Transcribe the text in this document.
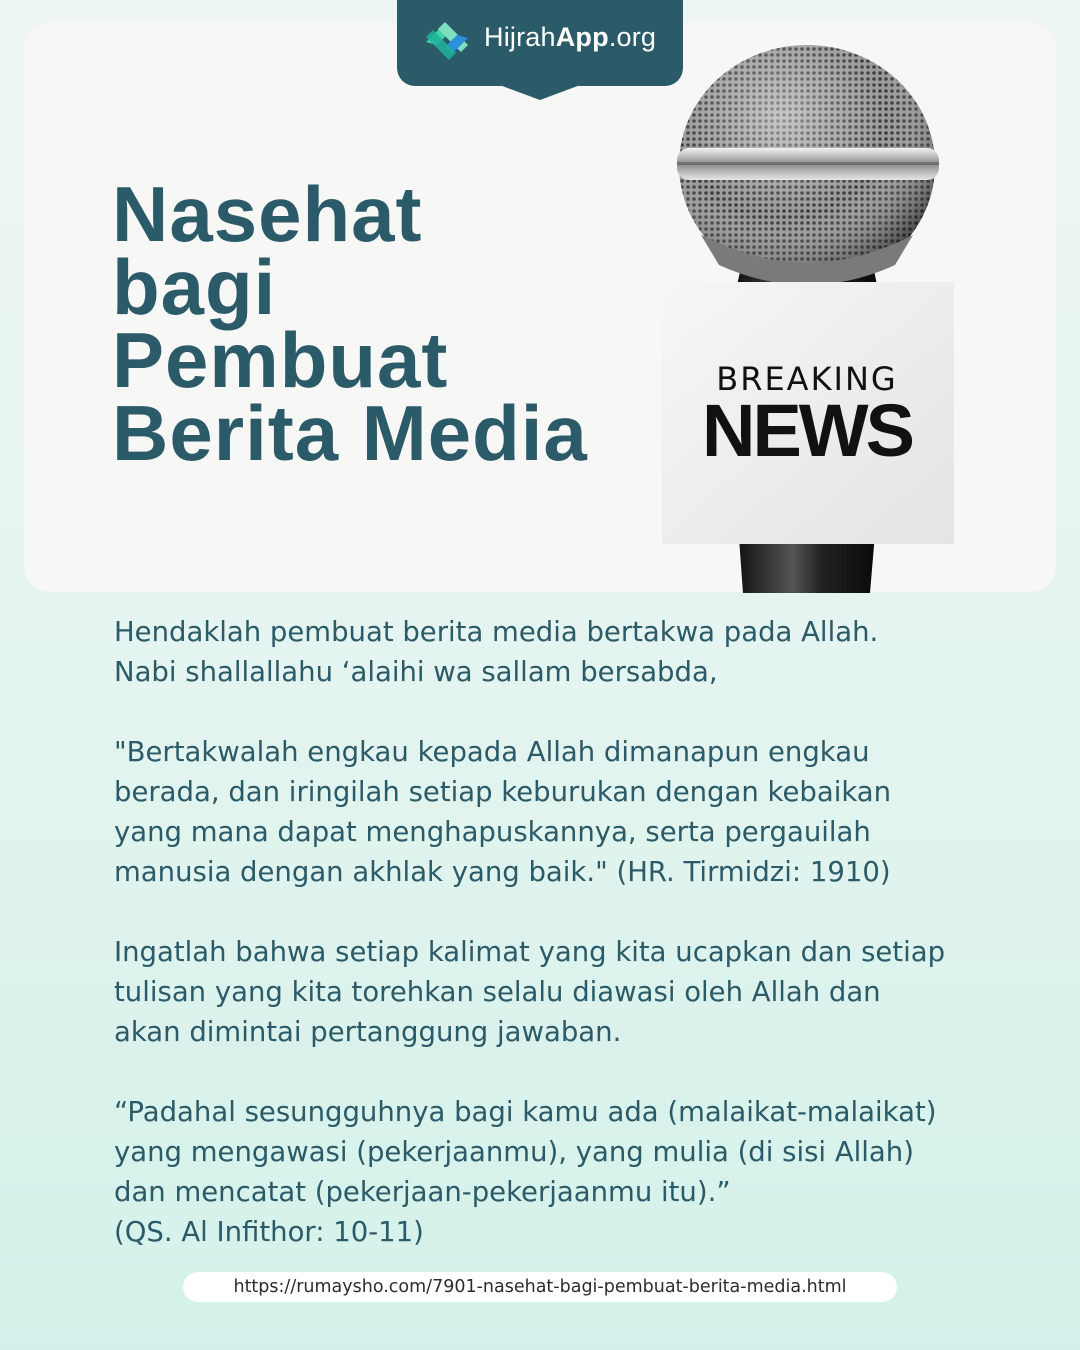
HijrahApp.org
Nasehat
bagi
Pembuat
Berita Media
BREAKING
NEWS

Hendaklah pembuat berita media bertakwa pada Allah.
Nabi shallallahu ‘alaihi wa sallam bersabda,

"Bertakwalah engkau kepada Allah dimanapun engkau
berada, dan iringilah setiap keburukan dengan kebaikan
yang mana dapat menghapuskannya, serta pergauilah
manusia dengan akhlak yang baik." (HR. Tirmidzi: 1910)

Ingatlah bahwa setiap kalimat yang kita ucapkan dan setiap
tulisan yang kita torehkan selalu diawasi oleh Allah dan
akan dimintai pertanggung jawaban.

“Padahal sesungguhnya bagi kamu ada (malaikat-malaikat)
yang mengawasi (pekerjaanmu), yang mulia (di sisi Allah)
dan mencatat (pekerjaan-pekerjaanmu itu).”
(QS. Al Infithor: 10-11)

https://rumaysho.com/7901-nasehat-bagi-pembuat-berita-media.html
